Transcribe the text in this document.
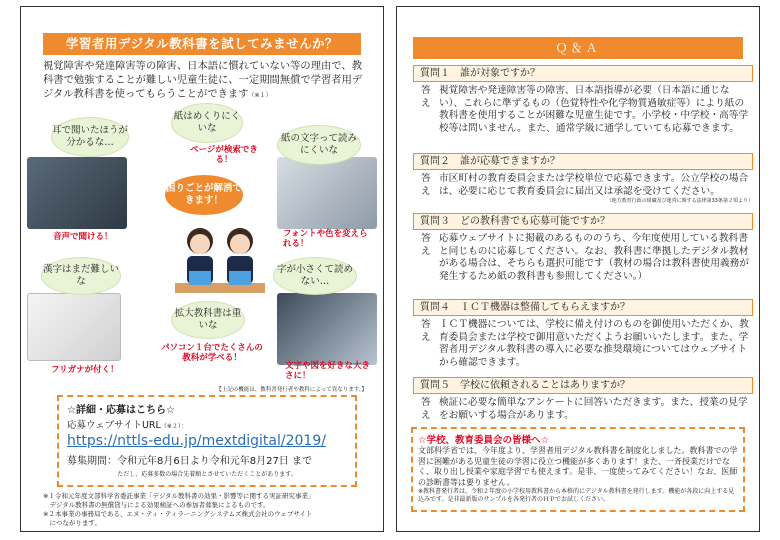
学習者用デジタル教科書を試してみませんか？
視覚障害や発達障害等の障害、日本語に慣れていない等の理由で、教科書で勉強することが難しい児童生徒に、一定期間無償で学習者用デジタル教科書を使ってもらうことができます（※１）
耳で聞いたほうが分かるな…
紙はめくりにくいな
紙の文字って読みにくいな
漢字はまだ難しいな
字が小さくて読めない…
拡大教科書は重いな
ページが検索できる！
音声で聞ける！	フォントや色を変えられる！
フリガナが付く！
パソコン１台でたくさんの教科が学べる！
文字や図を好きな大きさに！
困りごとが解消できます！
【上記の機能は、教科書発行者や教科によって異なります。】
☆詳細・応募はこちら☆
応募ウェブサイトURL（※２）：
https://nttls-edu.jp/mextdigital/2019/
募集期間：令和元年8月6日より令和元年8月27日 まで
ただし、応募多数の場合先着順とさせていただくことがあります。
※１令和元年度文部科学省委託事業「デジタル教科書の効果・影響等に関する実証研究事業」
　デジタル教科書の無償貸与による効果検証への参加者募集によるものです。
※２本事業の事務局である、エヌ・ティ・ティラーニングシステムズ株式会社のウェブサイト
　につながります。
Ｑ＆Ａ
質問１　誰が対象ですか？
答え
視覚障害や発達障害等の障害、日本語指導が必要（日本語に通じない）、これらに準ずるもの（色覚特性や化学物質過敏症等）により紙の教科書を使用することが困難な児童生徒です。小学校・中学校・高等学校等は問いません。また、通常学級に通学していても応募できます。
質問２　誰が応募できますか？
答え
市区町村の教育委員会または学校単位で応募できます。公立学校の場合は、必要に応じて教育委員会に届出又は承認を受けてください。
（地方教育行政の組織及び運営に関する法律第33条第２項より）
質問３　どの教科書でも応募可能ですか？
答え
応募ウェブサイトに掲載のあるもののうち、今年度使用している教科書と同じものに応募してください。なお、教科書に準拠したデジタル教材がある場合は、そちらも選択可能です（教材の場合は教科書使用義務が発生するため紙の教科書も参照してください。）
質問４　ＩＣＴ機器は整備してもらえますか？
答え
ＩＣＴ機器については、学校に備え付けのものを御使用いただくか、教育委員会または学校で御用意いただくようお願いいたします。また、学習者用デジタル教科書の導入に必要な推奨環境についてはウェブサイトから確認できます。
質問５　学校に依頼されることはありますか？
答え
検証に必要な簡単なアンケートに回答いただきます。また、授業の見学をお願いする場合があります。
☆学校、教育委員会の皆様へ☆
文部科学省では、今年度より、学習者用デジタル教科書を制度化しました。教科書での学習に困難がある児童生徒の学習に役立つ機能が多くあります！また、一斉授業だけでなく、取り出し授業や家庭学習でも使えます。是非、一度使ってみてください！なお、医師の診断書等は要りません。
※教科書発行者は、令和２年度の小学校用教科書から本格的にデジタル教科書を発行します。機能が各段に向上する見込みです。是非最新版のサンプルを各発行者のＨＰでお試しください。
